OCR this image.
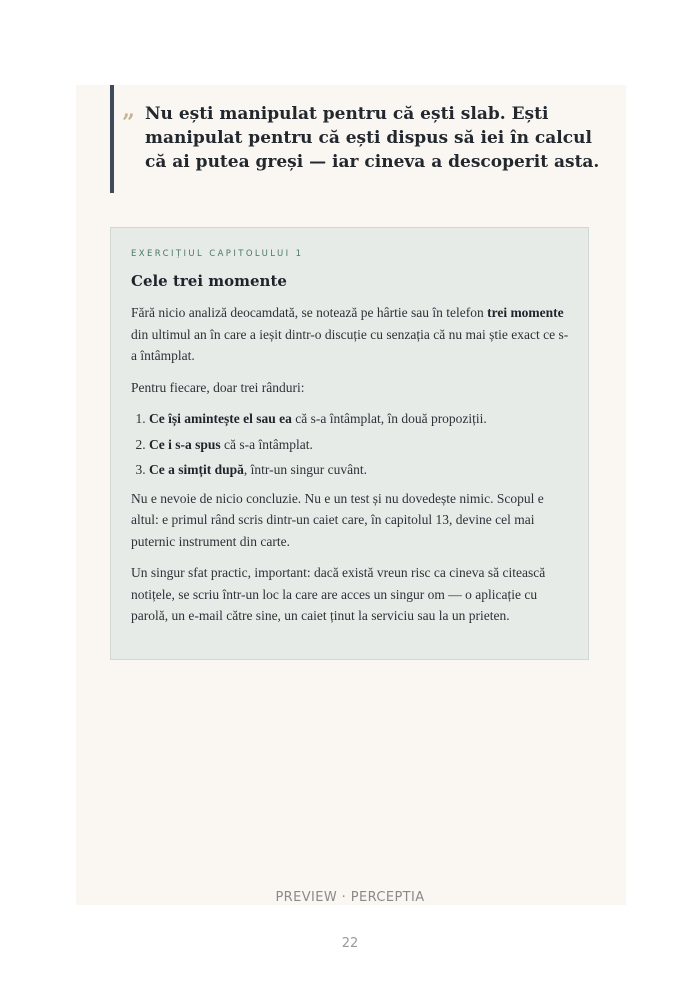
” Nu ești manipulat pentru că ești slab. Ești manipulat pentru că ești dispus să iei în calcul că ai putea greși — iar cineva a descoperit asta.

EXERCIȚIUL CAPITOLULUI 1

Cele trei momente

Fără nicio analiză deocamdată, se notează pe hârtie sau în telefon trei momente din ultimul an în care a ieșit dintr-o discuție cu senzația că nu mai știe exact ce s-a întâmplat.

Pentru fiecare, doar trei rânduri:

1. Ce își amintește el sau ea că s-a întâmplat, în două propoziții.
2. Ce i s-a spus că s-a întâmplat.
3. Ce a simțit după, într-un singur cuvânt.

Nu e nevoie de nicio concluzie. Nu e un test și nu dovedește nimic. Scopul e altul: e primul rând scris dintr-un caiet care, în capitolul 13, devine cel mai puternic instrument din carte.

Un singur sfat practic, important: dacă există vreun risc ca cineva să citească notițele, se scriu într-un loc la care are acces un singur om — o aplicație cu parolă, un e-mail către sine, un caiet ținut la serviciu sau la un prieten.

PREVIEW · PERCEPTIA
22
